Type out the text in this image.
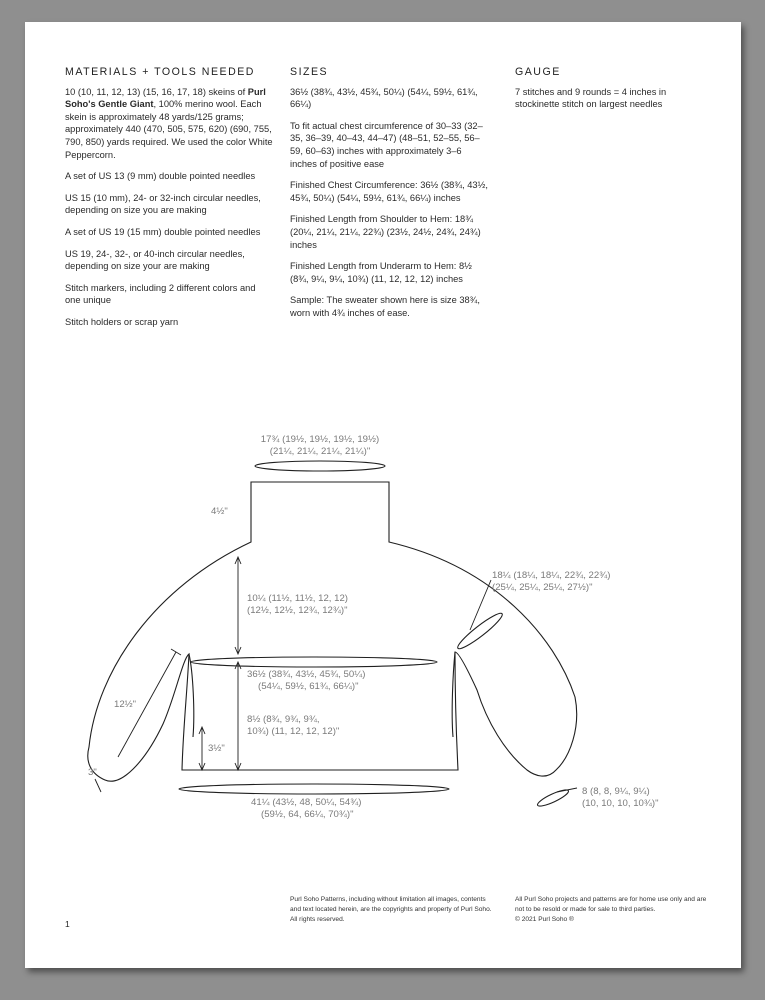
MATERIALS + TOOLS NEEDED

10 (10, 11, 12, 13) (15, 16, 17, 18) skeins of Purl Soho's Gentle Giant, 100% merino wool. Each skein is approximately 48 yards/125 grams; approximately 440 (470, 505, 575, 620) (690, 755, 790, 850) yards required. We used the color White Peppercorn.

A set of US 13 (9 mm) double pointed needles

US 15 (10 mm), 24- or 32-inch circular needles, depending on size you are making

A set of US 19 (15 mm) double pointed needles

US 19, 24-, 32-, or 40-inch circular needles, depending on size your are making

Stitch markers, including 2 different colors and one unique

Stitch holders or scrap yarn

SIZES

36½ (38¾, 43½, 45¾, 50¼) (54¼, 59½, 61¾, 66¼)

To fit actual chest circumference of 30–33 (32–35, 36–39, 40–43, 44–47) (48–51, 52–55, 56–59, 60–63) inches with approximately 3–6 inches of positive ease

Finished Chest Circumference: 36½ (38¾, 43½, 45¾, 50¼) (54¼, 59½, 61¾, 66¼) inches

Finished Length from Shoulder to Hem: 18¾ (20¼, 21¼, 21¼, 22¾) (23½, 24½, 24¾, 24¾) inches

Finished Length from Underarm to Hem: 8½ (8¾, 9¼, 9¼, 10¾) (11, 12, 12, 12) inches

Sample: The sweater shown here is size 38¾, worn with 4¾ inches of ease.

GAUGE

7 stitches and 9 rounds = 4 inches in stockinette stitch on largest needles

17¾ (19½, 19½, 19½, 19½)
(21¼, 21¼, 21¼, 21¼)"
4½"
10¼ (11½, 11½, 12, 12)
(12½, 12½, 12¾, 12¾)"
36½ (38¾, 43½, 45¾, 50¼)
(54¼, 59½, 61¾, 66¼)"
8½ (8¾, 9¾, 9¾,
10¾) (11, 12, 12, 12)"
3½"
41¼ (43½, 48, 50¼, 54¾)
(59½, 64, 66¼, 70¾)"
18¼ (18¼, 18¼, 22¾, 22¾)
(25¼, 25¼, 25¼, 27½)"
12½"
3"
8 (8, 8, 9¼, 9¼)
(10, 10, 10, 10¾)"
Purl Soho Patterns, including without limitation all images, contents and text located herein, are the copyrights and property of Purl Soho. All rights reserved.
All Purl Soho projects and patterns are for home use only and are not to be resold or made for sale to third parties.
© 2021 Purl Soho ®
1
